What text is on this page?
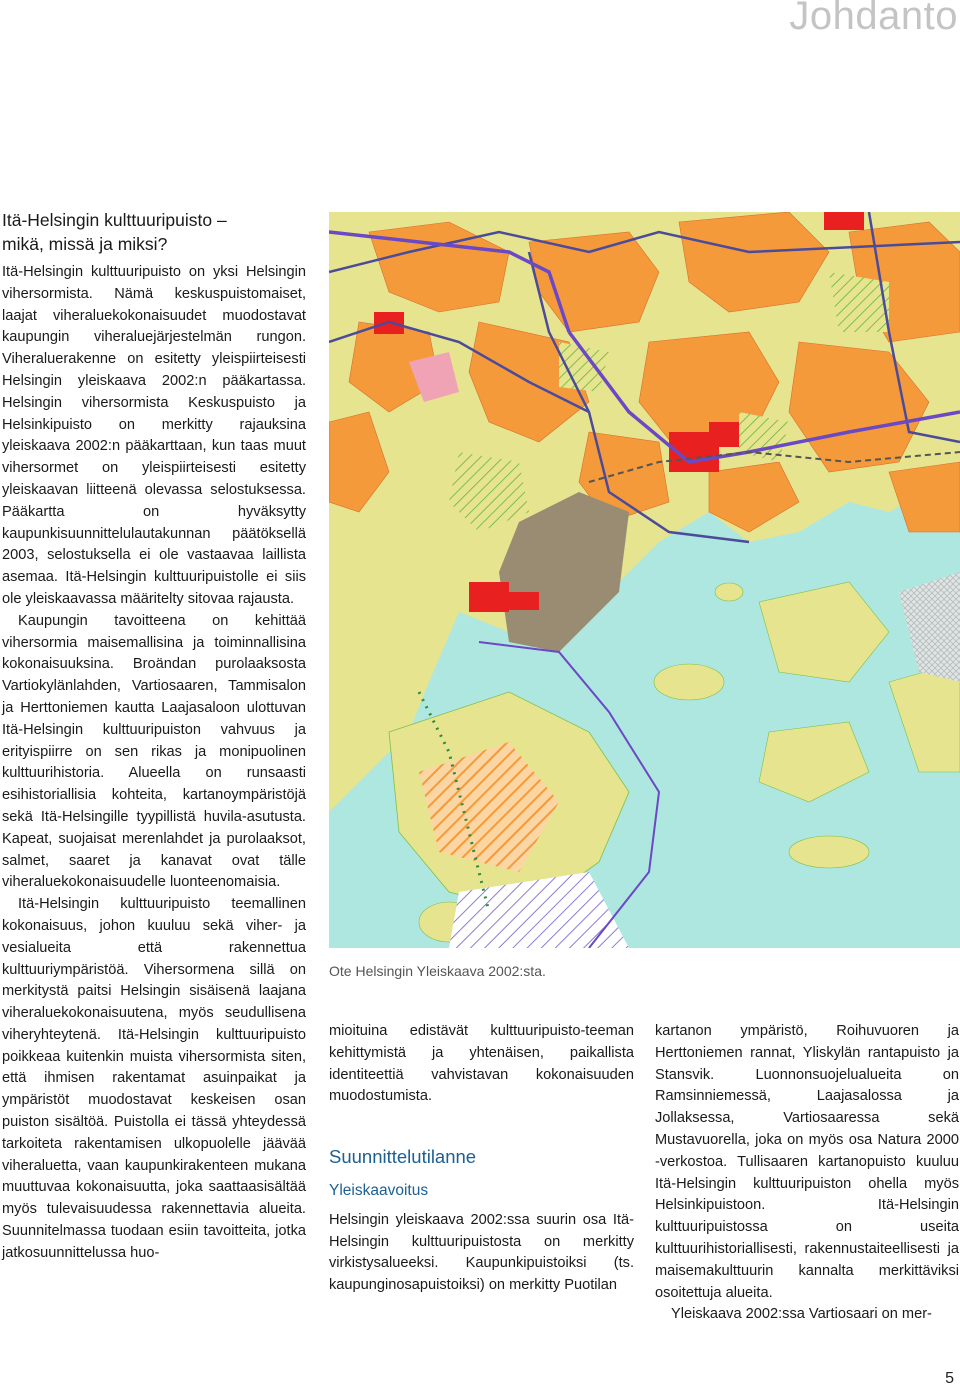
Johdanto
Itä-Helsingin kulttuuripuisto –
mikä, missä ja miksi?

Itä-Helsingin kulttuuripuisto on yksi Helsingin vihersormista. Nämä keskuspuistomaiset, laajat viheraluekokonaisuudet muodostavat kaupungin viheraluejärjestelmän rungon. Viheraluerakenne on esitetty yleispiirteisesti Helsingin yleiskaava 2002:n pääkartassa. Helsingin vihersormista Keskuspuisto ja Helsinkipuisto on merkitty rajauksina yleiskaava 2002:n pääkarttaan, kun taas muut vihersormet on yleispiirteisesti esitetty yleiskaavan liitteenä olevassa selostuksessa. Pääkartta on hyväksytty kaupunkisuunnittelulautakunnan päätöksellä 2003, selostuksella ei ole vastaavaa laillista asemaa. Itä-Helsingin kulttuuripuistolle ei siis ole yleiskaavassa määritelty sitovaa rajausta.

Kaupungin tavoitteena on kehittää vihersormia maisemallisina ja toiminnallisina kokonaisuuksina. Broändan purolaaksosta Vartiokylänlahden, Vartiosaaren, Tammisalon ja Herttoniemen kautta Laajasaloon ulottuvan Itä-Helsingin kulttuuripuiston vahvuus ja erityispiirre on sen rikas ja monipuolinen kulttuurihistoria. Alueella on runsaasti esihistoriallisia kohteita, kartanoympäristöjä sekä Itä-Helsingille tyypillistä huvila-asutusta. Kapeat, suojaisat merenlahdet ja purolaaksot, salmet, saaret ja kanavat ovat tälle viheraluekokonaisuudelle luonteenomaisia.

Itä-Helsingin kulttuuripuisto teemallinen kokonaisuus, johon kuuluu sekä viher- ja vesialueita että rakennettua kulttuuriympäristöä. Vihersormena sillä on merkitystä paitsi Helsingin sisäisenä laajana viheraluekokonaisuutena, myös seudullisena viheryhteytenä. Itä-Helsingin kulttuuripuisto poikkeaa kuitenkin muista vihersormista siten, että ihmisen rakentamat asuinpaikat ja ympäristöt muodostavat keskeisen osan puiston sisältöä. Puistolla ei tässä yhteydessä tarkoiteta rakentamisen ulkopuolelle jäävää viheraluetta, vaan kaupunkirakenteen mukana muuttuvaa kokonaisuutta, joka saattaasisältää myös tulevaisuudessa rakennettavia alueita. Suunnitelmassa tuodaan esiin tavoitteita, jotka jatkosuunnittelussa huo-

Ote Helsingin Yleiskaava 2002:sta.

mioituina edistävät kulttuuripuisto-teeman kehittymistä ja yhtenäisen, paikallista identiteettiä vahvistavan kokonaisuuden muodostumista.

Suunnittelutilanne
Yleiskaavoitus

Helsingin yleiskaava 2002:ssa suurin osa Itä-Helsingin kulttuuripuistosta on merkitty virkistysalueeksi. Kaupunkipuistoiksi (ts. kaupunginosapuistoiksi) on merkitty Puotilan

kartanon ympäristö, Roihuvuoren ja Herttoniemen rannat, Yliskylän rantapuisto ja Stansvik. Luonnonsuojelualueita on Ramsinniemessä, Laajasalossa ja Jollaksessa, Vartiosaaressa sekä Mustavuorella, joka on myös osa Natura 2000 -verkostoa. Tullisaaren kartanopuisto kuuluu Itä-Helsingin kulttuuripuiston ohella myös Helsinkipuistoon. Itä-Helsingin kulttuuripuistossa on useita kulttuurihistoriallisesti, rakennustaiteellisesti ja maisemakulttuurin kannalta merkittäviksi osoitettuja alueita.

Yleiskaava 2002:ssa Vartiosaari on mer-

5
